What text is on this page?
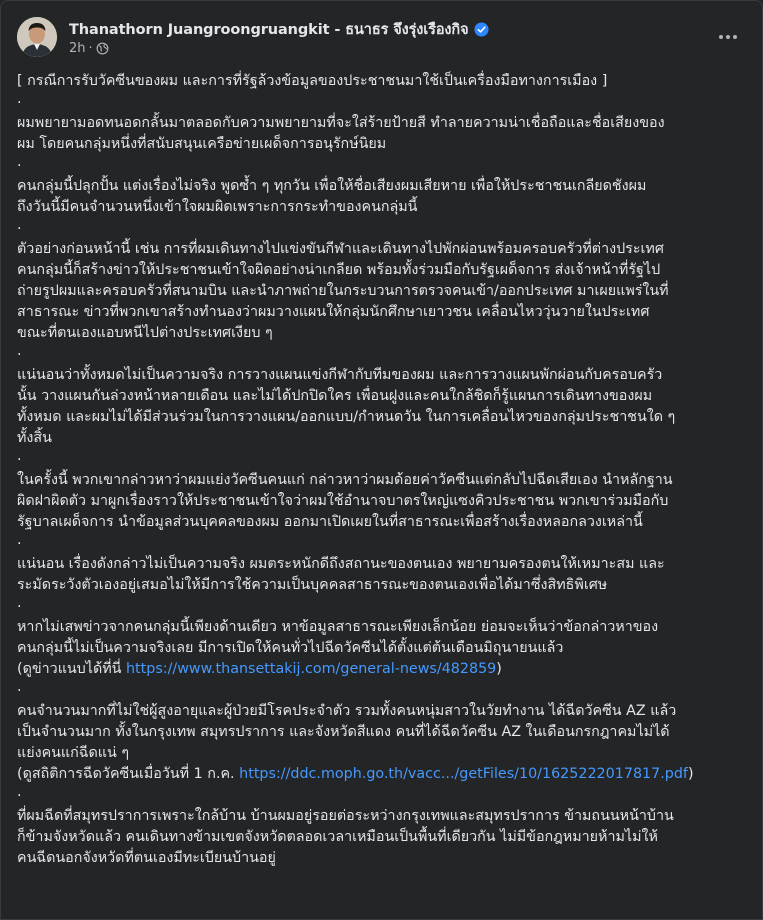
Thanathorn Juangroongruangkit - ธนาธร จึงรุ่งเรืองกิจ
2h ·
[ กรณีการรับวัคซีนของผม และการที่รัฐล้วงข้อมูลของประชาชนมาใช้เป็นเครื่องมือทางการเมือง ]
.
ผมพยายามอดทนอดกลั้นมาตลอดกับความพยายามที่จะใส่ร้ายป้ายสี ทำลายความน่าเชื่อถือและชื่อเสียงของ
ผม โดยคนกลุ่มหนึ่งที่สนับสนุนเครือข่ายเผด็จการอนุรักษ์นิยม
.
คนกลุ่มนี้ปลุกปั้น แต่งเรื่องไม่จริง พูดซ้ำ ๆ ทุกวัน เพื่อให้ชื่อเสียงผมเสียหาย เพื่อให้ประชาชนเกลียดชังผม
ถึงวันนี้มีคนจำนวนหนึ่งเข้าใจผมผิดเพราะการกระทำของคนกลุ่มนี้
.
ตัวอย่างก่อนหน้านี้ เช่น การที่ผมเดินทางไปแข่งขันกีฬาและเดินทางไปพักผ่อนพร้อมครอบครัวที่ต่างประเทศ
คนกลุ่มนี้ก็สร้างข่าวให้ประชาชนเข้าใจผิดอย่างน่าเกลียด พร้อมทั้งร่วมมือกับรัฐเผด็จการ ส่งเจ้าหน้าที่รัฐไป
ถ่ายรูปผมและครอบครัวที่สนามบิน และนำภาพถ่ายในกระบวนการตรวจคนเข้า/ออกประเทศ มาเผยแพร่ในที่
สาธารณะ ข่าวที่พวกเขาสร้างทำนองว่าผมวางแผนให้กลุ่มนักศึกษาเยาวชน เคลื่อนไหววุ่นวายในประเทศ
ขณะที่ตนเองแอบหนีไปต่างประเทศเงียบ ๆ
.
แน่นอนว่าทั้งหมดไม่เป็นความจริง การวางแผนแข่งกีฬากับทีมของผม และการวางแผนพักผ่อนกับครอบครัว
นั้น วางแผนกันล่วงหน้าหลายเดือน และไม่ได้ปกปิดใคร เพื่อนฝูงและคนใกล้ชิดก็รู้แผนการเดินทางของผม
ทั้งหมด และผมไม่ได้มีส่วนร่วมในการวางแผน/ออกแบบ/กำหนดวัน ในการเคลื่อนไหวของกลุ่มประชาชนใด ๆ
ทั้งสิ้น
.
ในครั้งนี้ พวกเขากล่าวหาว่าผมแย่งวัคซีนคนแก่ กล่าวหาว่าผมด้อยค่าวัคซีนแต่กลับไปฉีดเสียเอง นำหลักฐาน
ผิดฝาผิดตัว มาผูกเรื่องราวให้ประชาชนเข้าใจว่าผมใช้อำนาจบาตรใหญ่แซงคิวประชาชน พวกเขาร่วมมือกับ
รัฐบาลเผด็จการ นำข้อมูลส่วนบุคคลของผม ออกมาเปิดเผยในที่สาธารณะเพื่อสร้างเรื่องหลอกลวงเหล่านี้
.
แน่นอน เรื่องดังกล่าวไม่เป็นความจริง ผมตระหนักดีถึงสถานะของตนเอง พยายามครองตนให้เหมาะสม และ
ระมัดระวังตัวเองอยู่เสมอไม่ให้มีการใช้ความเป็นบุคคลสาธารณะของตนเองเพื่อได้มาซึ่งสิทธิพิเศษ
.
หากไม่เสพข่าวจากคนกลุ่มนี้เพียงด้านเดียว หาข้อมูลสาธารณะเพียงเล็กน้อย ย่อมจะเห็นว่าข้อกล่าวหาของ
คนกลุ่มนี้ไม่เป็นความจริงเลย มีการเปิดให้คนทั่วไปฉีดวัคซีนได้ตั้งแต่ต้นเดือนมิถุนายนแล้ว
(ดูข่าวแนบได้ที่นี่ https://www.thansettakij.com/general-news/482859)
.
คนจำนวนมากที่ไม่ใช่ผู้สูงอายุและผู้ป่วยมีโรคประจำตัว รวมทั้งคนหนุ่มสาวในวัยทำงาน ได้ฉีดวัคซีน AZ แล้ว
เป็นจำนวนมาก ทั้งในกรุงเทพ สมุทรปราการ และจังหวัดสีแดง คนที่ได้ฉีดวัคซีน AZ ในเดือนกรกฎาคมไม่ได้
แย่งคนแก่ฉีดแน่ ๆ
(ดูสถิติการฉีดวัคซีนเมื่อวันที่ 1 ก.ค. https://ddc.moph.go.th/vacc.../getFiles/10/1625222017817.pdf)
.
ที่ผมฉีดที่สมุทรปราการเพราะใกล้บ้าน บ้านผมอยู่รอยต่อระหว่างกรุงเทพและสมุทรปราการ ข้ามถนนหน้าบ้าน
ก็ข้ามจังหวัดแล้ว คนเดินทางข้ามเขตจังหวัดตลอดเวลาเหมือนเป็นพื้นที่เดียวกัน ไม่มีข้อกฎหมายห้ามไม่ให้
คนฉีดนอกจังหวัดที่ตนเองมีทะเบียนบ้านอยู่
